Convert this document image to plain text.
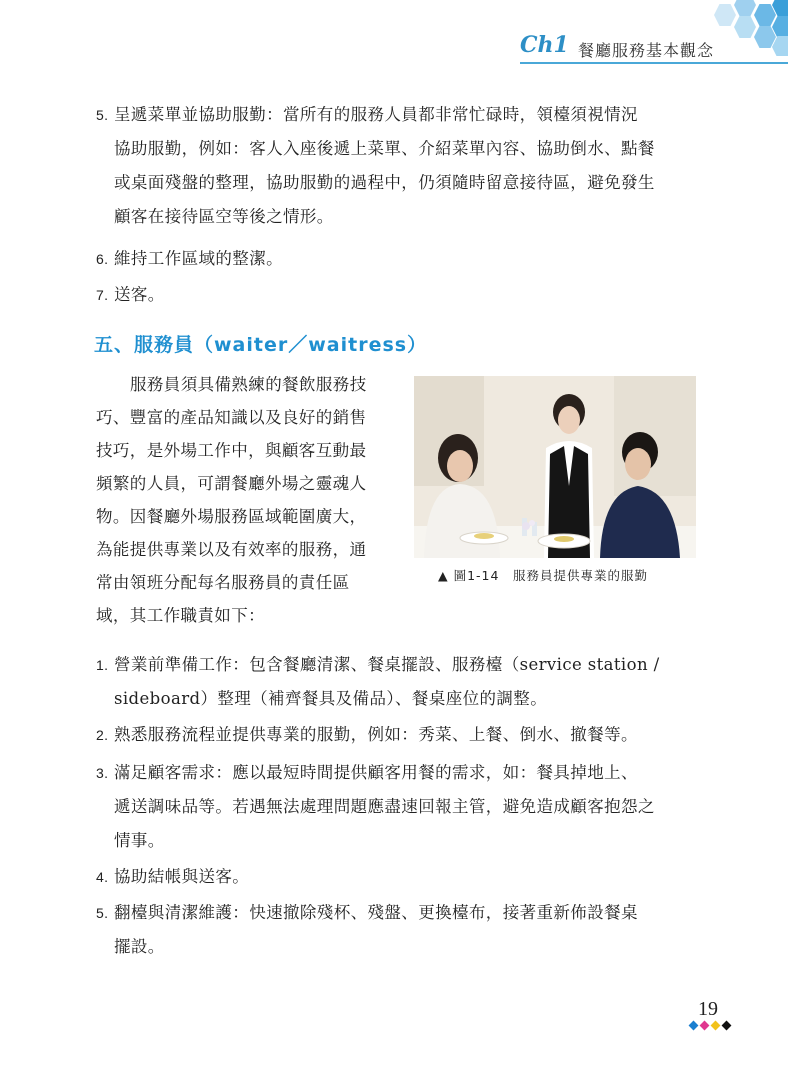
Ch1 餐廳服務基本觀念
5. 呈遞菜單並協助服勤：當所有的服務人員都非常忙碌時，領檯須視情況
協助服勤，例如：客人入座後遞上菜單、介紹菜單內容、協助倒水、點餐
或桌面殘盤的整理，協助服勤的過程中，仍須隨時留意接待區，避免發生
顧客在接待區空等後之情形。
6. 維持工作區域的整潔。
7. 送客。
五、服務員（waiter／waitress）
服務員須具備熟練的餐飲服務技
巧、豐富的產品知識以及良好的銷售
技巧，是外場工作中，與顧客互動最
頻繁的人員，可謂餐廳外場之靈魂人
物。因餐廳外場服務區域範圍廣大，
為能提供專業以及有效率的服務，通
常由領班分配每名服務員的責任區
域，其工作職責如下：
▲ 圖1-14　服務員提供專業的服勤
1. 營業前準備工作：包含餐廳清潔、餐桌擺設、服務檯（service station /
sideboard）整理（補齊餐具及備品）、餐桌座位的調整。
2. 熟悉服務流程並提供專業的服勤，例如：秀菜、上餐、倒水、撤餐等。
3. 滿足顧客需求：應以最短時間提供顧客用餐的需求，如：餐具掉地上、
遞送調味品等。若遇無法處理問題應盡速回報主管，避免造成顧客抱怨之
情事。
4. 協助結帳與送客。
5. 翻檯與清潔維護：快速撤除殘杯、殘盤、更換檯布，接著重新佈設餐桌
擺設。
19
